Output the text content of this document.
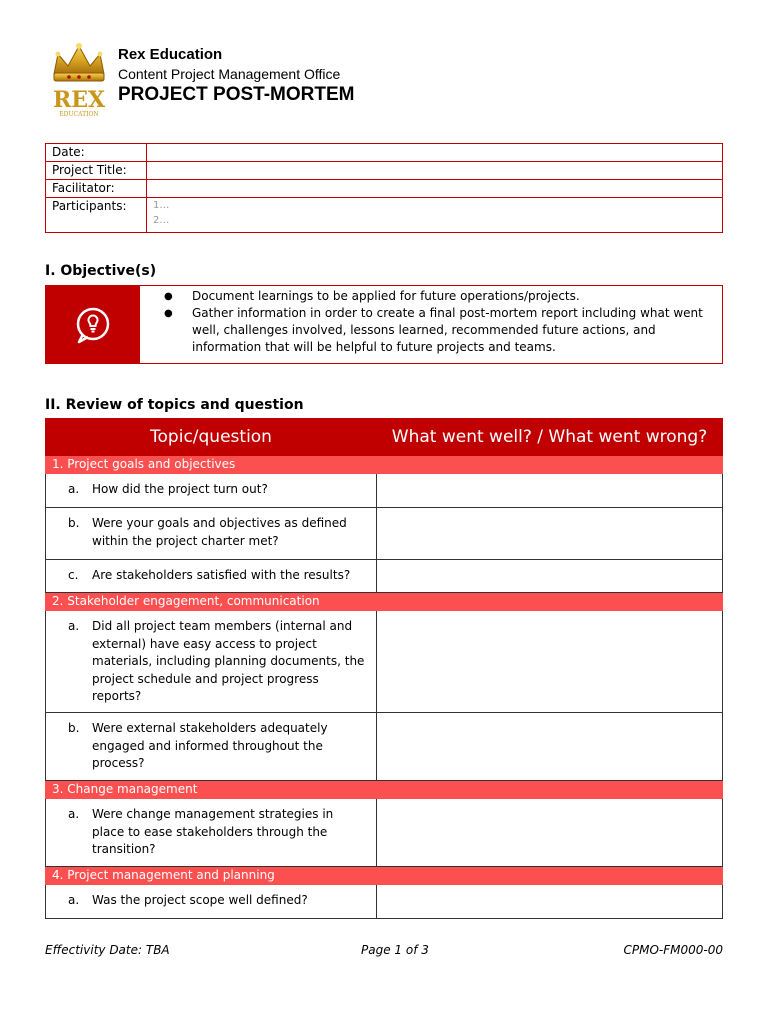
REX
EDUCATION
Rex Education
Content Project Management Office
PROJECT POST-MORTEM
Date:	
Project Title:	
Facilitator:	
Participants:	1…
2…
I. Objective(s)
● Document learnings to be applied for future operations/projects.
● Gather information in order to create a final post-mortem report including what went well, challenges involved, lessons learned, recommended future actions, and information that will be helpful to future projects and teams.
II. Review of topics and question
Topic/question	What went well? / What went wrong?
1. Project goals and objectives	

a. How did the project turn out?	

b. Were your goals and objectives as defined within the project charter met?	

c. Are stakeholders satisfied with the results?	

2. Stakeholder engagement, communication	

a. Did all project team members (internal and external) have easy access to project materials, including planning documents, the project schedule and project progress reports?	

b. Were external stakeholders adequately engaged and informed throughout the process?	

3. Change management	

a. Were change management strategies in place to ease stakeholders through the transition?	

4. Project management and planning	

a. Was the project scope well defined?	

Effectivity Date: TBA	Page 1 of 3	CPMO-FM000-00
